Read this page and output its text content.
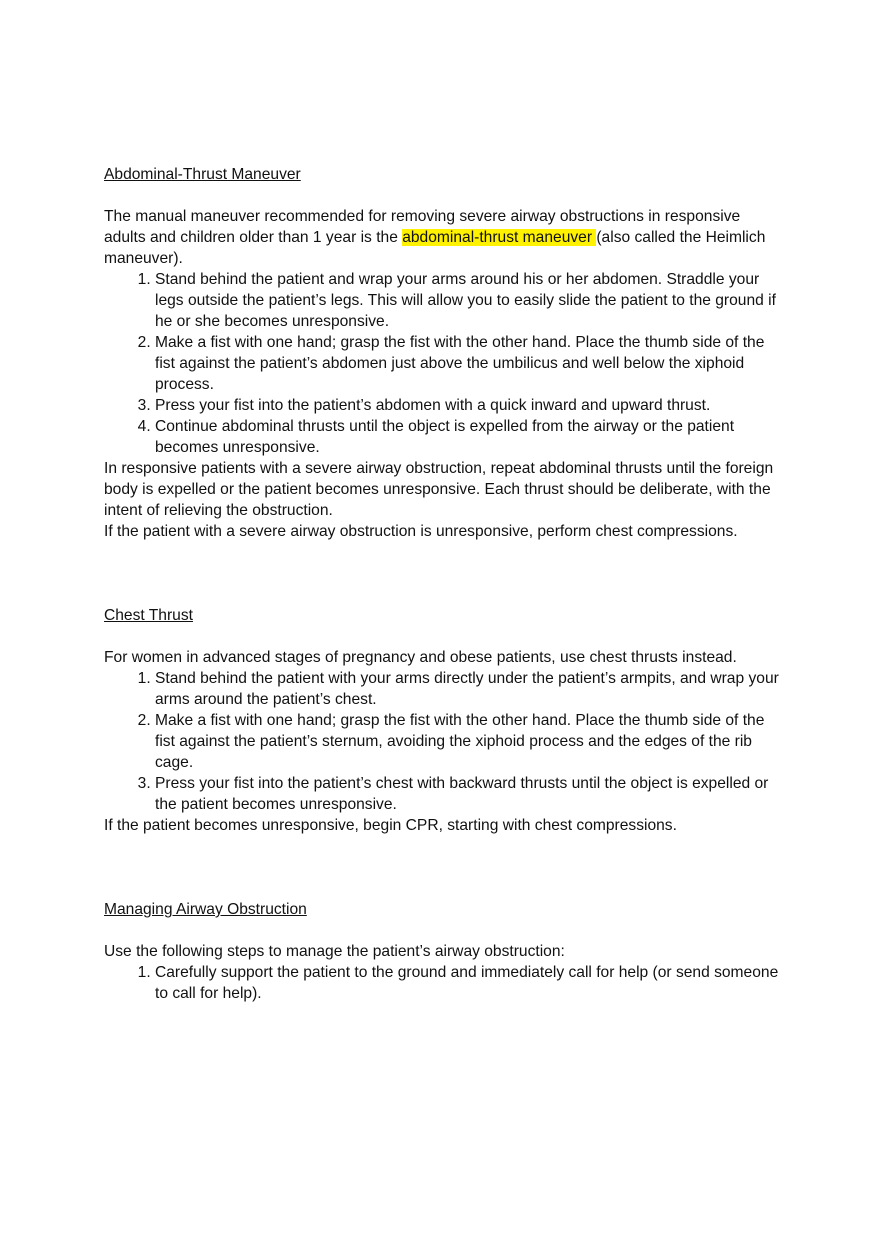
Abdominal-Thrust Maneuver

The manual maneuver recommended for removing severe airway obstructions in responsive adults and children older than 1 year is the abdominal-thrust maneuver (also called the Heimlich maneuver).

1. Stand behind the patient and wrap your arms around his or her abdomen. Straddle your legs outside the patient’s legs. This will allow you to easily slide the patient to the ground if he or she becomes unresponsive.
2. Make a fist with one hand; grasp the fist with the other hand. Place the thumb side of the fist against the patient’s abdomen just above the umbilicus and well below the xiphoid process.
3. Press your fist into the patient’s abdomen with a quick inward and upward thrust.
4. Continue abdominal thrusts until the object is expelled from the airway or the patient becomes unresponsive.

In responsive patients with a severe airway obstruction, repeat abdominal thrusts until the foreign body is expelled or the patient becomes unresponsive. Each thrust should be deliberate, with the intent of relieving the obstruction.

If the patient with a severe airway obstruction is unresponsive, perform chest compressions.

Chest Thrust

For women in advanced stages of pregnancy and obese patients, use chest thrusts instead.

1. Stand behind the patient with your arms directly under the patient’s armpits, and wrap your arms around the patient’s chest.
2. Make a fist with one hand; grasp the fist with the other hand. Place the thumb side of the fist against the patient’s sternum, avoiding the xiphoid process and the edges of the rib cage.
3. Press your fist into the patient’s chest with backward thrusts until the object is expelled or the patient becomes unresponsive.

If the patient becomes unresponsive, begin CPR, starting with chest compressions.

Managing Airway Obstruction

Use the following steps to manage the patient’s airway obstruction:

1. Carefully support the patient to the ground and immediately call for help (or send someone to call for help).
